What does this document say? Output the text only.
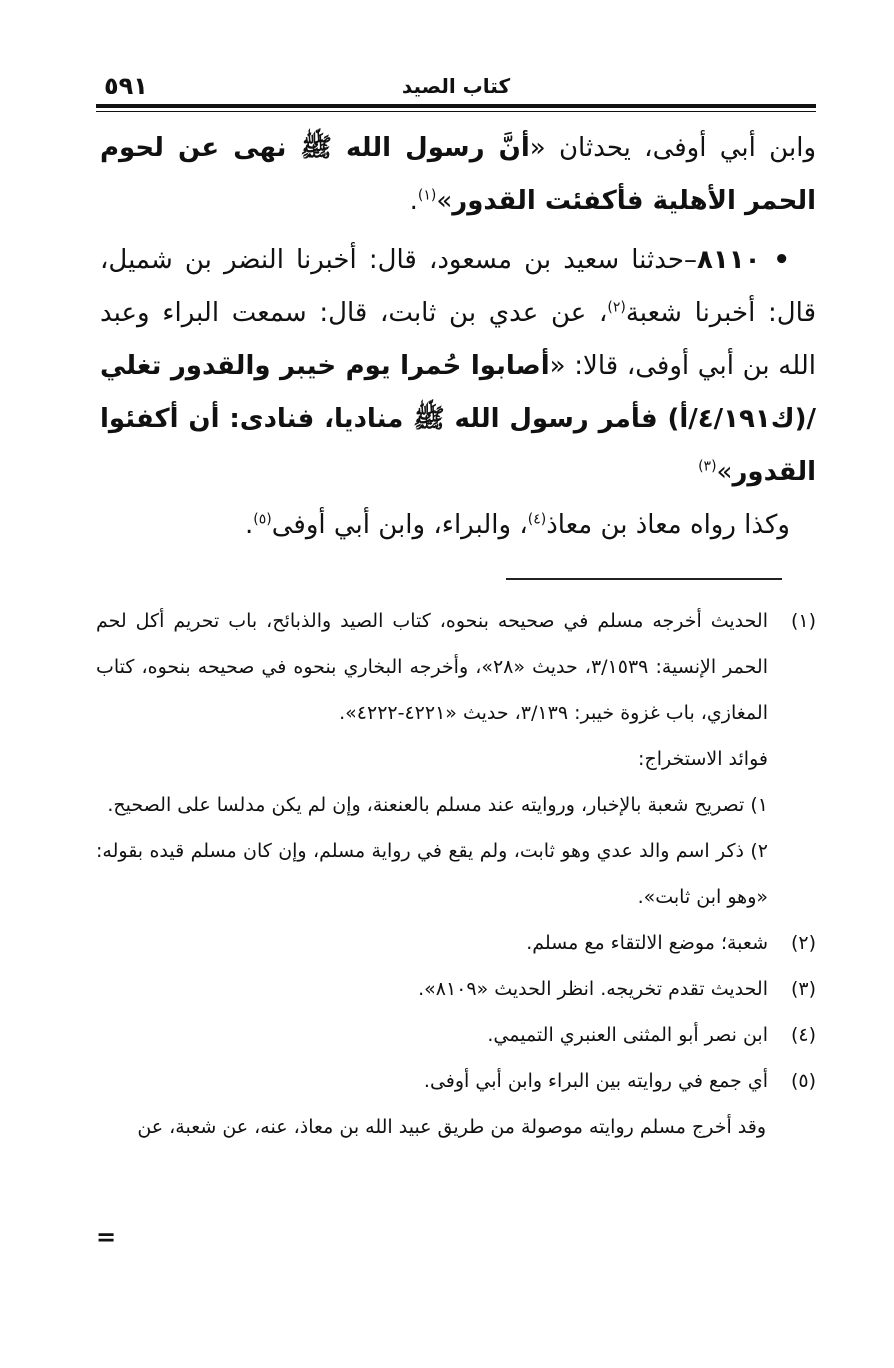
٥٩١	كتاب الصيد

وابن أبي أوفى، يحدثان «أنَّ رسول الله ﷺ نهى عن لحوم الحمر الأهلية فأكفئت القدور»$^{(١)}$.

• ٨١١٠–حدثنا سعيد بن مسعود، قال: أخبرنا النضر بن شميل، قال: أخبرنا شعبة$^{(٢)}$، عن عدي بن ثابت، قال: سمعت البراء وعبد الله بن أبي أوفى، قالا: «أصابوا حُمرا يوم خيبر والقدور تغلي /(ك٤/١٩١/أ) فأمر رسول الله ﷺ مناديا، فنادى: أن أكفئوا القدور»$^{(٣)}$

وكذا رواه معاذ بن معاذ$^{(٤)}$، والبراء، وابن أبي أوفى$^{(٥)}$.

(١)

الحديث أخرجه مسلم في صحيحه بنحوه، كتاب الصيد والذبائح، باب تحريم أكل لحم الحمر الإنسية: ٣/١٥٣٩، حديث «٢٨»، وأخرجه البخاري بنحوه في صحيحه بنحوه، كتاب المغازي، باب غزوة خيبر: ٣/١٣٩، حديث «٤٢٢١-٤٢٢٢».

فوائد الاستخراج:

١) تصريح شعبة بالإخبار، وروايته عند مسلم بالعنعنة، وإن لم يكن مدلسا على الصحيح.

٢) ذكر اسم والد عدي وهو ثابت، ولم يقع في رواية مسلم، وإن كان مسلم قيده بقوله: «وهو ابن ثابت».

(٢)

شعبة؛ موضع الالتقاء مع مسلم.

(٣)

الحديث تقدم تخريجه. انظر الحديث «٨١٠٩».

(٤)

ابن نصر أبو المثنى العنبري التميمي.

(٥)

أي جمع في روايته بين البراء وابن أبي أوفى.

وقد أخرج مسلم روايته موصولة من طريق عبيد الله بن معاذ، عنه، عن شعبة، عن

=
